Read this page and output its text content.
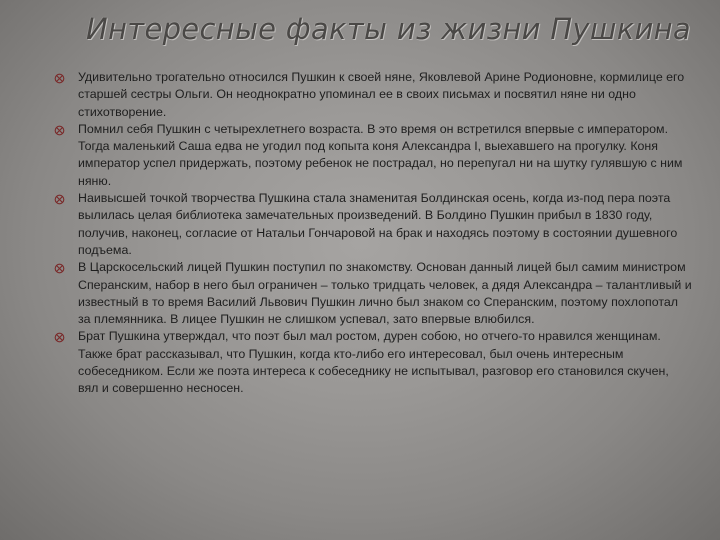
Интересные факты из жизни Пушкина
Удивительно трогательно относился Пушкин к своей няне, Яковлевой Арине Родионовне, кормилице его старшей сестры Ольги. Он неоднократно упоминал ее в своих письмах и посвятил няне ни одно стихотворение.
Помнил себя Пушкин с четырехлетнего возраста. В это время он встретился впервые с императором. Тогда маленький Саша едва не угодил под копыта коня Александра I, выехавшего на прогулку. Коня император успел придержать, поэтому ребенок не пострадал, но перепугал ни на шутку гулявшую с ним няню.
Наивысшей точкой творчества Пушкина стала знаменитая Болдинская осень, когда из-под пера поэта вылилась целая библиотека замечательных произведений. В Болдино Пушкин прибыл в 1830 году, получив, наконец, согласие от Натальи Гончаровой на брак и находясь поэтому в состоянии душевного подъема.
В Царскосельский лицей Пушкин поступил по знакомству. Основан данный лицей был самим министром Сперанским, набор в него был ограничен – только тридцать человек, а дядя Александра – талантливый и известный в то время Василий Львович Пушкин лично был знаком со Сперанским, поэтому похлопотал за племянника. В лицее Пушкин не слишком успевал, зато впервые влюбился.
Брат Пушкина утверждал, что поэт был мал ростом, дурен собою, но отчего-то нравился женщинам. Также брат рассказывал, что Пушкин, когда кто-либо его интересовал, был очень интересным собеседником. Если же поэта интереса к собеседнику не испытывал, разговор его становился скучен, вял и совершенно несносен.
